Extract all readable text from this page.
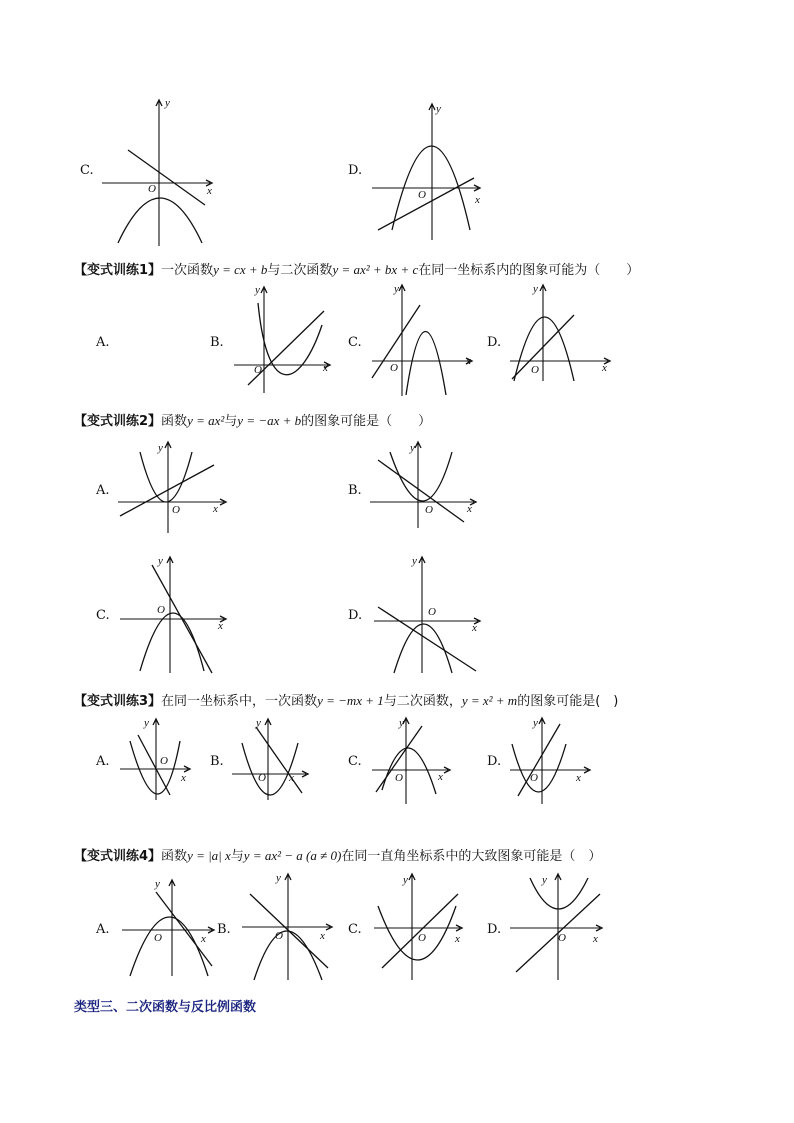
C.
y
x
O
D.
y
x
O
【变式训练1】一次函数y = cx + b与二次函数y = ax² + bx + c在同一坐标系内的图象可能为（　　）
A.	B.
y
x
O
C.
y
x
O
D.
y
x
O
【变式训练2】函数y = ax²与y = −ax + b的图象可能是（　　）
A.
y
x
O
B.
y
x
O
C.
y
x
O	D.
y
x
O
【变式训练3】在同一坐标系中，一次函数y = −mx + 1与二次函数，y = x² + m的图象可能是(　)
A.
y
x
O	B.
y
x
O
C.
y
x
O
D.
y
x
O
【变式训练4】函数y = |a| x与y = ax² − a (a ≠ 0)在同一直角坐标系中的大致图象可能是（　）
A.
y
x
O
B.
y
x
O	C.
y
x
O
D.
y
x
O
类型三、二次函数与反比例函数
